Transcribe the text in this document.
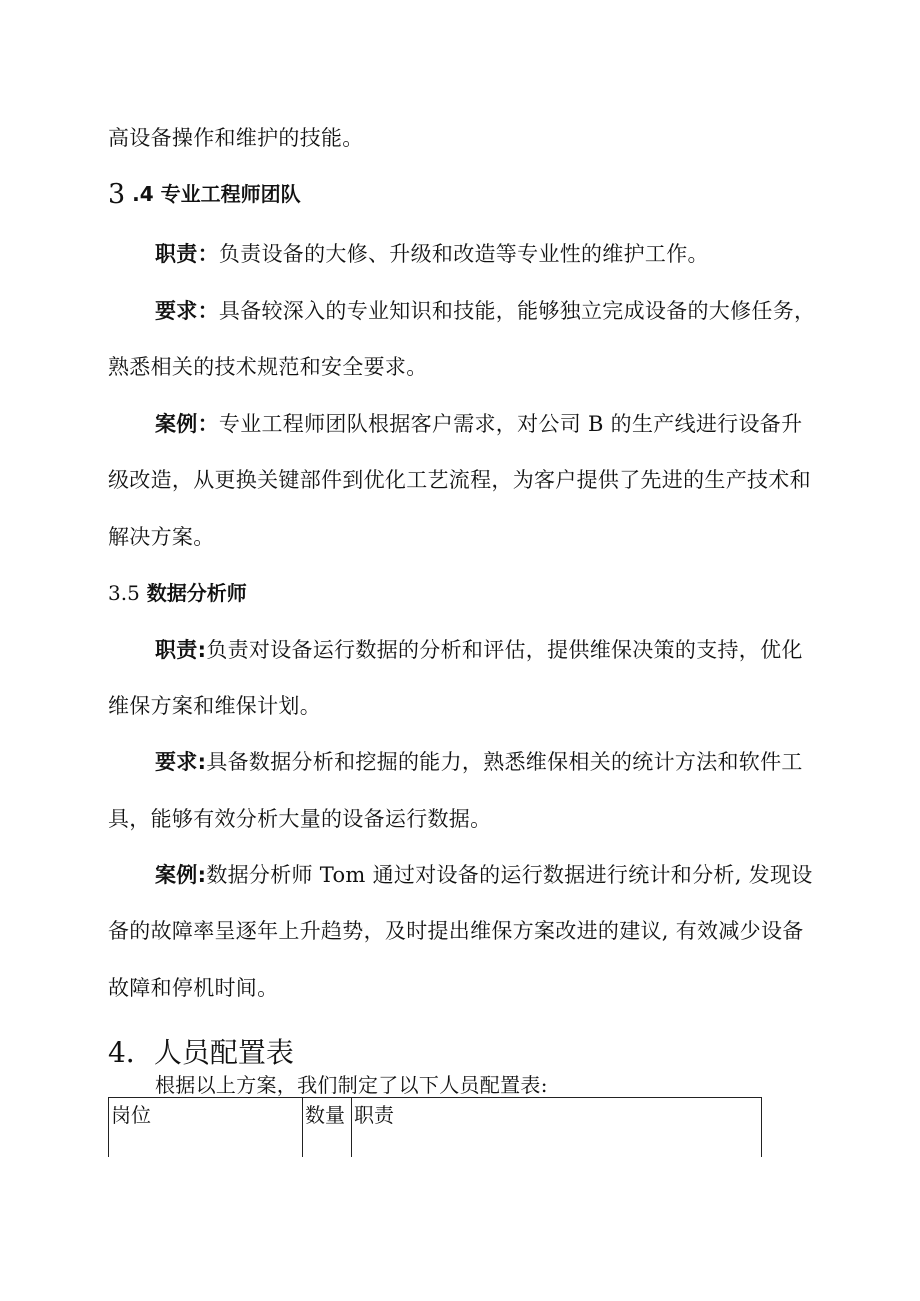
高设备操作和维护的技能。
3 .4 专业工程师团队
职责：负责设备的大修、升级和改造等专业性的维护工作。
要求：具备较深入的专业知识和技能，能够独立完成设备的大修任务，
熟悉相关的技术规范和安全要求。
案例：专业工程师团队根据客户需求，对公司 B 的生产线进行设备升
级改造，从更换关键部件到优化工艺流程，为客户提供了先进的生产技术和
解决方案。
3.5 数据分析师
职责:负责对设备运行数据的分析和评估，提供维保决策的支持，优化
维保方案和维保计划。
要求:具备数据分析和挖掘的能力，熟悉维保相关的统计方法和软件工
具，能够有效分析大量的设备运行数据。
案例:数据分析师 Tom 通过对设备的运行数据进行统计和分析, 发现设
备的故障率呈逐年上升趋势，及时提出维保方案改进的建议, 有效减少设备
故障和停机时间。
4．人员配置表
根据以上方案，我们制定了以下人员配置表:
岗位	数量 职责
